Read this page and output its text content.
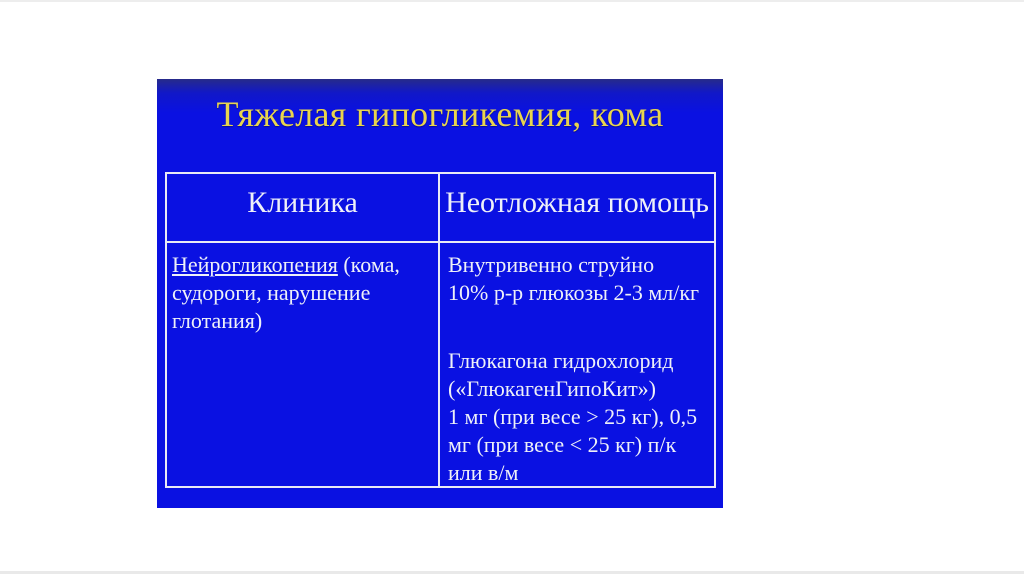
Тяжелая гипогликемия, кома
Клиника	Неотложная помощь
Нейрогликопения (кома,
судороги, нарушение
глотания)
Внутривенно струйно
10% р-р глюкозы 2-3 мл/кг
Глюкагона гидрохлорид
(«ГлюкагенГипоКит»)
1 мг (при весе > 25 кг), 0,5
мг (при весе < 25 кг) п/к
или в/м
